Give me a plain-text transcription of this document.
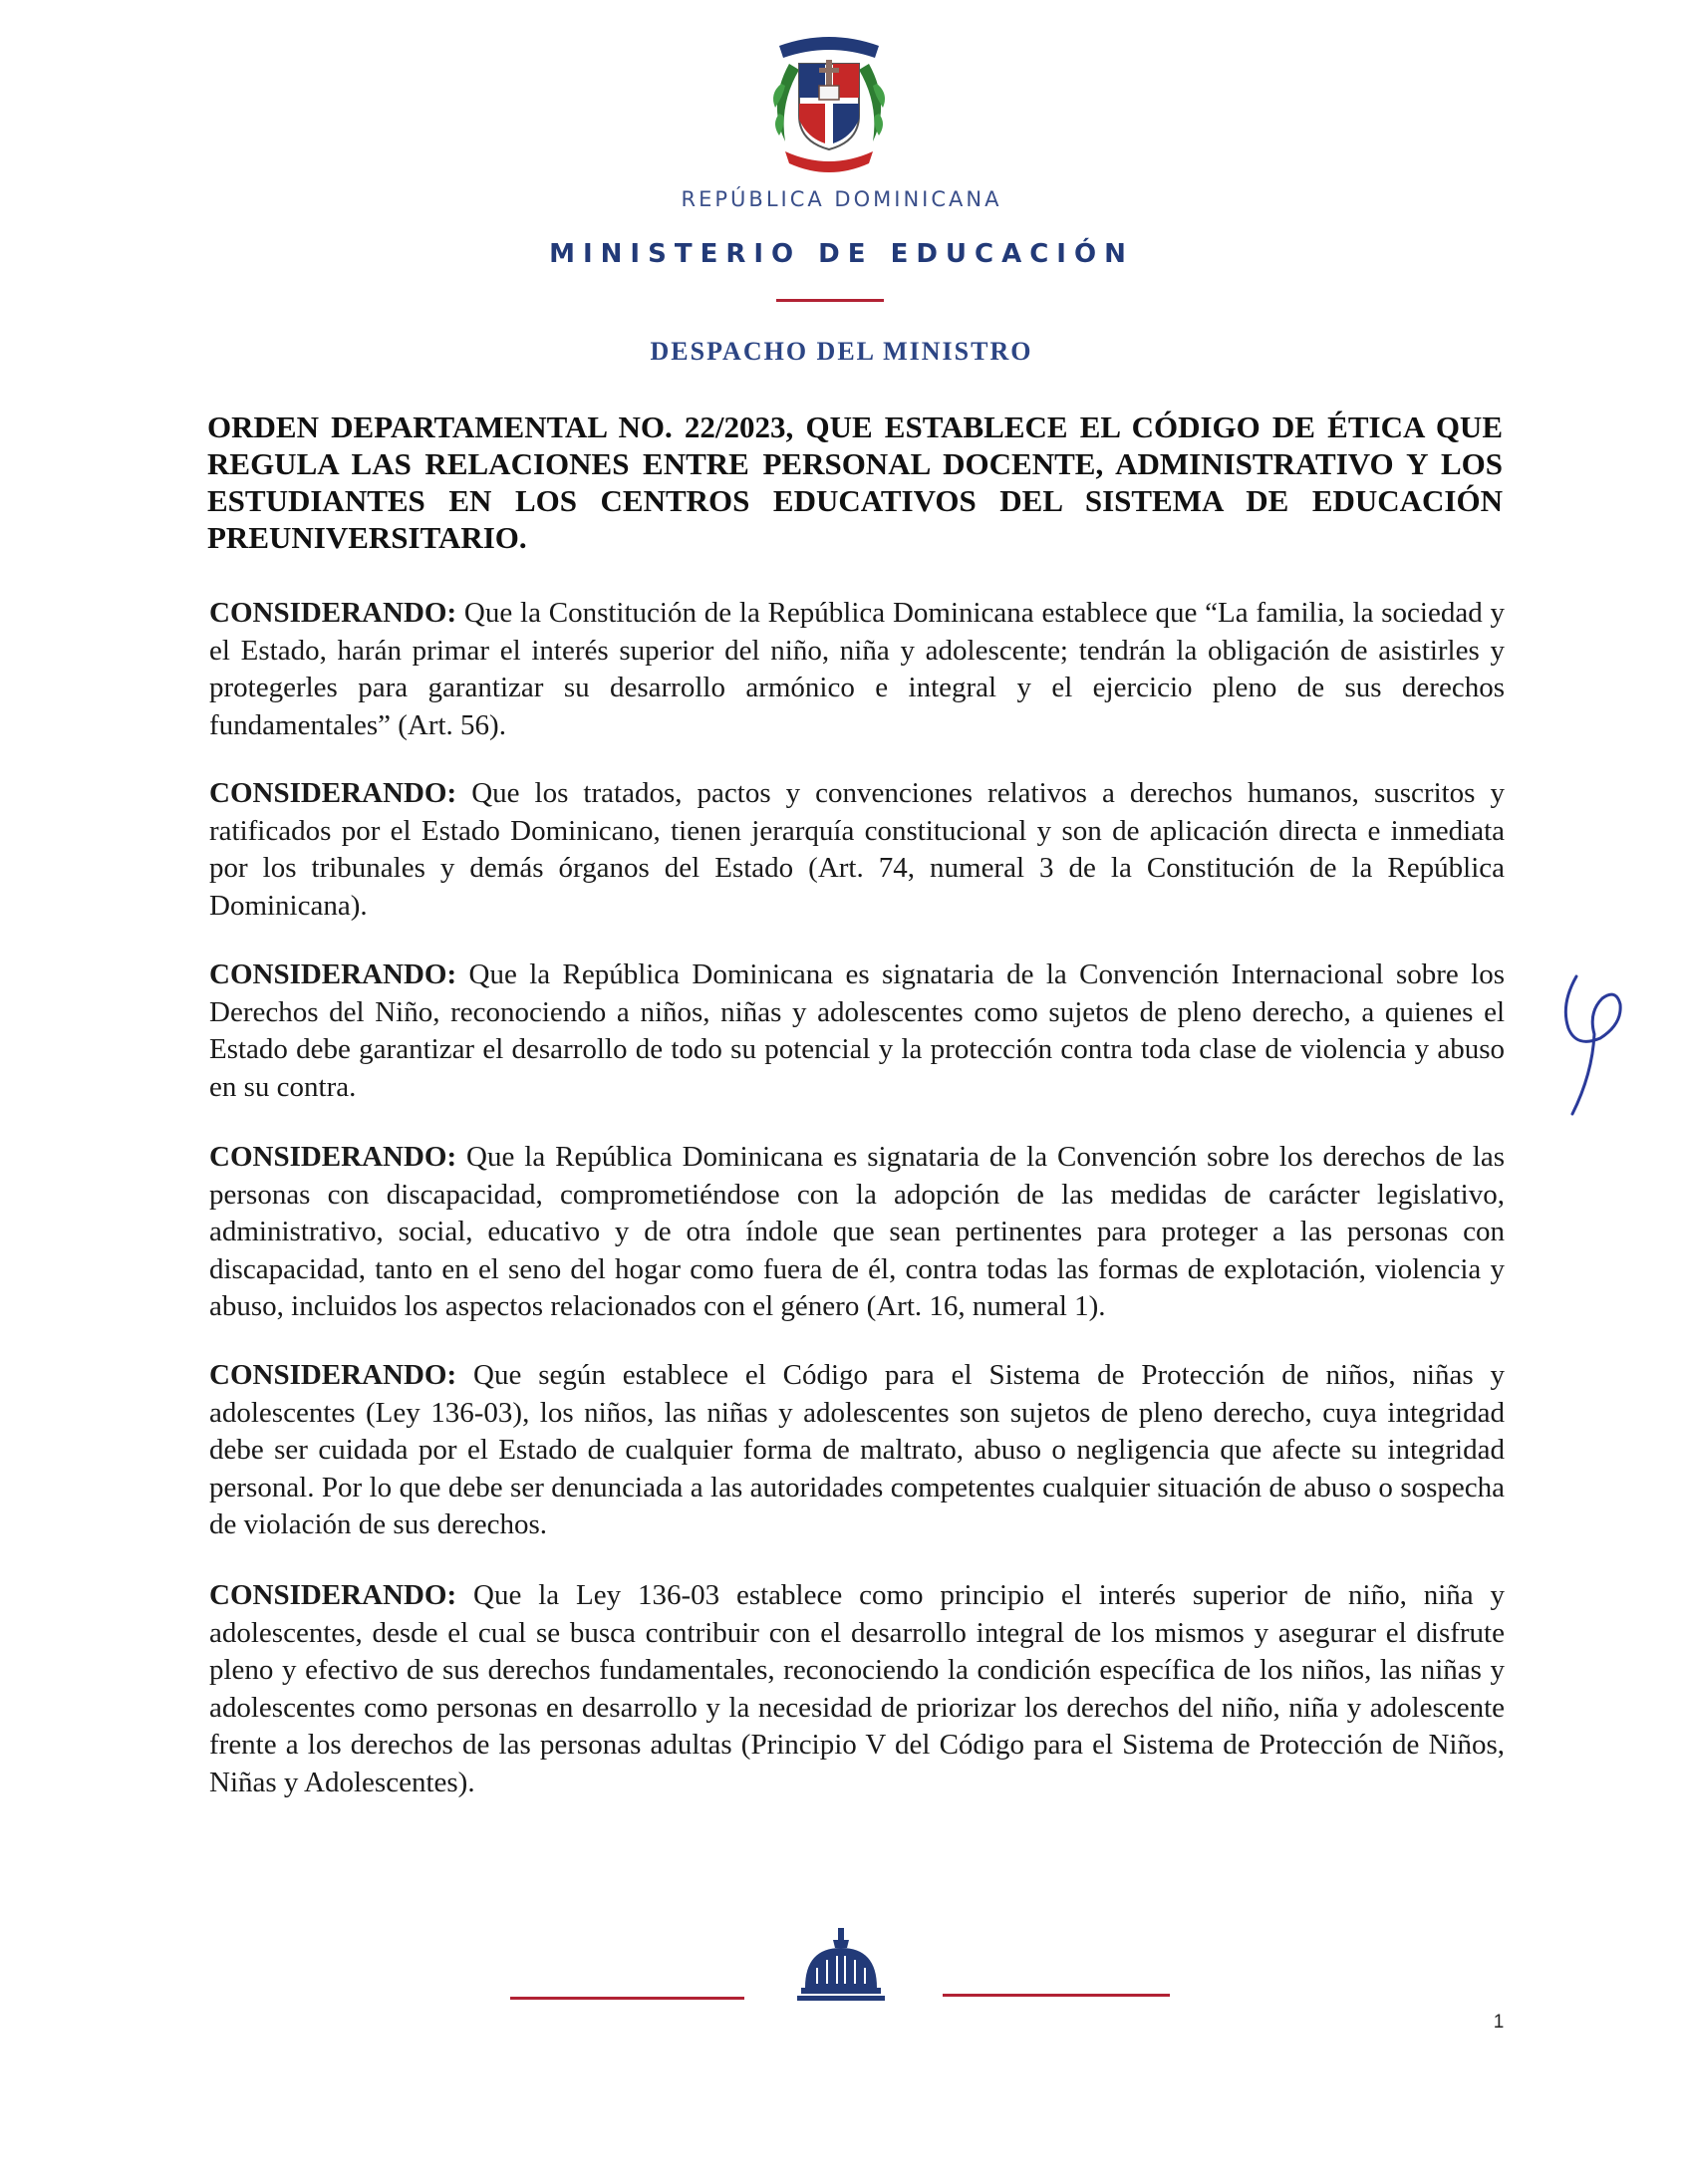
REPÚBLICA DOMINICANA
MINISTERIO DE EDUCACIÓN
DESPACHO DEL MINISTRO
ORDEN DEPARTAMENTAL NO. 22/2023, QUE ESTABLECE EL CÓDIGO DE ÉTICA QUE REGULA LAS RELACIONES ENTRE PERSONAL DOCENTE, ADMINISTRATIVO Y LOS ESTUDIANTES EN LOS CENTROS EDUCATIVOS DEL SISTEMA DE EDUCACIÓN PREUNIVERSITARIO.

CONSIDERANDO: Que la Constitución de la República Dominicana establece que “La familia, la sociedad y el Estado, harán primar el interés superior del niño, niña y adolescente; tendrán la obligación de asistirles y protegerles para garantizar su desarrollo armónico e integral y el ejercicio pleno de sus derechos fundamentales” (Art. 56).

CONSIDERANDO: Que los tratados, pactos y convenciones relativos a derechos humanos, suscritos y ratificados por el Estado Dominicano, tienen jerarquía constitucional y son de aplicación directa e inmediata por los tribunales y demás órganos del Estado (Art. 74, numeral 3 de la Constitución de la República Dominicana).

CONSIDERANDO: Que la República Dominicana es signataria de la Convención Internacional sobre los Derechos del Niño, reconociendo a niños, niñas y adolescentes como sujetos de pleno derecho, a quienes el Estado debe garantizar el desarrollo de todo su potencial y la protección contra toda clase de violencia y abuso en su contra.

CONSIDERANDO: Que la República Dominicana es signataria de la Convención sobre los derechos de las personas con discapacidad, comprometiéndose con la adopción de las medidas de carácter legislativo, administrativo, social, educativo y de otra índole que sean pertinentes para proteger a las personas con discapacidad, tanto en el seno del hogar como fuera de él, contra todas las formas de explotación, violencia y abuso, incluidos los aspectos relacionados con el género (Art. 16, numeral 1).

CONSIDERANDO: Que según establece el Código para el Sistema de Protección de niños, niñas y adolescentes (Ley 136-03), los niños, las niñas y adolescentes son sujetos de pleno derecho, cuya integridad debe ser cuidada por el Estado de cualquier forma de maltrato, abuso o negligencia que afecte su integridad personal. Por lo que debe ser denunciada a las autoridades competentes cualquier situación de abuso o sospecha de violación de sus derechos.

CONSIDERANDO: Que la Ley 136-03 establece como principio el interés superior de niño, niña y adolescentes, desde el cual se busca contribuir con el desarrollo integral de los mismos y asegurar el disfrute pleno y efectivo de sus derechos fundamentales, reconociendo la condición específica de los niños, las niñas y adolescentes como personas en desarrollo y la necesidad de priorizar los derechos del niño, niña y adolescente frente a los derechos de las personas adultas (Principio V del Código para el Sistema de Protección de Niños, Niñas y Adolescentes).

1
